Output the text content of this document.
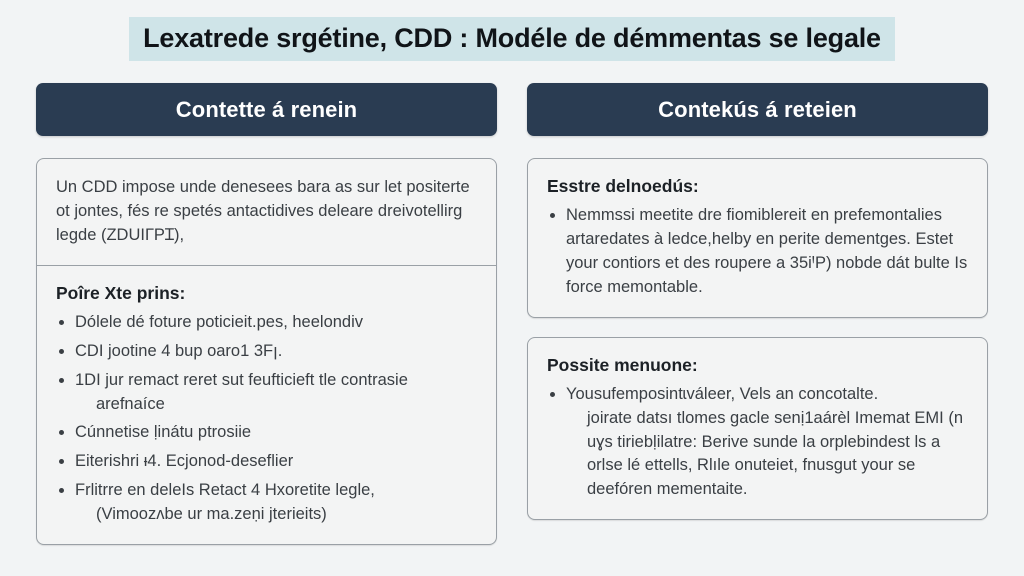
Lexatrede srgétine, CDD : Modéle de démmentas se legale
Contette á renein

Un CDD impose unde denesees bara as sur let positerte ot jontes, fés re spetés antactidives deleare dreivotellirg legde (ZDUIГPꞮ),

Poîre Xte prins:
Dólele dé foture poticieit.pes, heelondiv
CDI jootine 4 bup oaro1 3Fꞁ.
1DI jur remact reret sut feufticieft tle contrasie
arefnaíce
Cúnnetise ḷinátu ptrosiie
Eiterishri ᵻ4. Ecjonod-deseflier
Frlitrre en deleIs Retact 4 Hxoretite legle,
(Vimoozʌbe ur ma.zeṇi jterieits)
Contekús á reteien
Esstre delnoedús:
Nemmssi meetite dre fiomiblereit en prefemontalies artaredates à ledce,helby en perite dementɡes. Estet your contiors et des roupere a 35iꞋP) nobde dát bulte Is force memontable.
Possite menuone:
Yousufemposintɩváleer, Vels an concotalte.
joirate datsı tlomes ɡacle senị1aárèl Imemat EMI (n uɣs tiriebḷilatre: Berive sunde la orplebindest ls a orlse lé ettells, Rlıle onuteiet, fnusgut your se deefóren mementaite.
